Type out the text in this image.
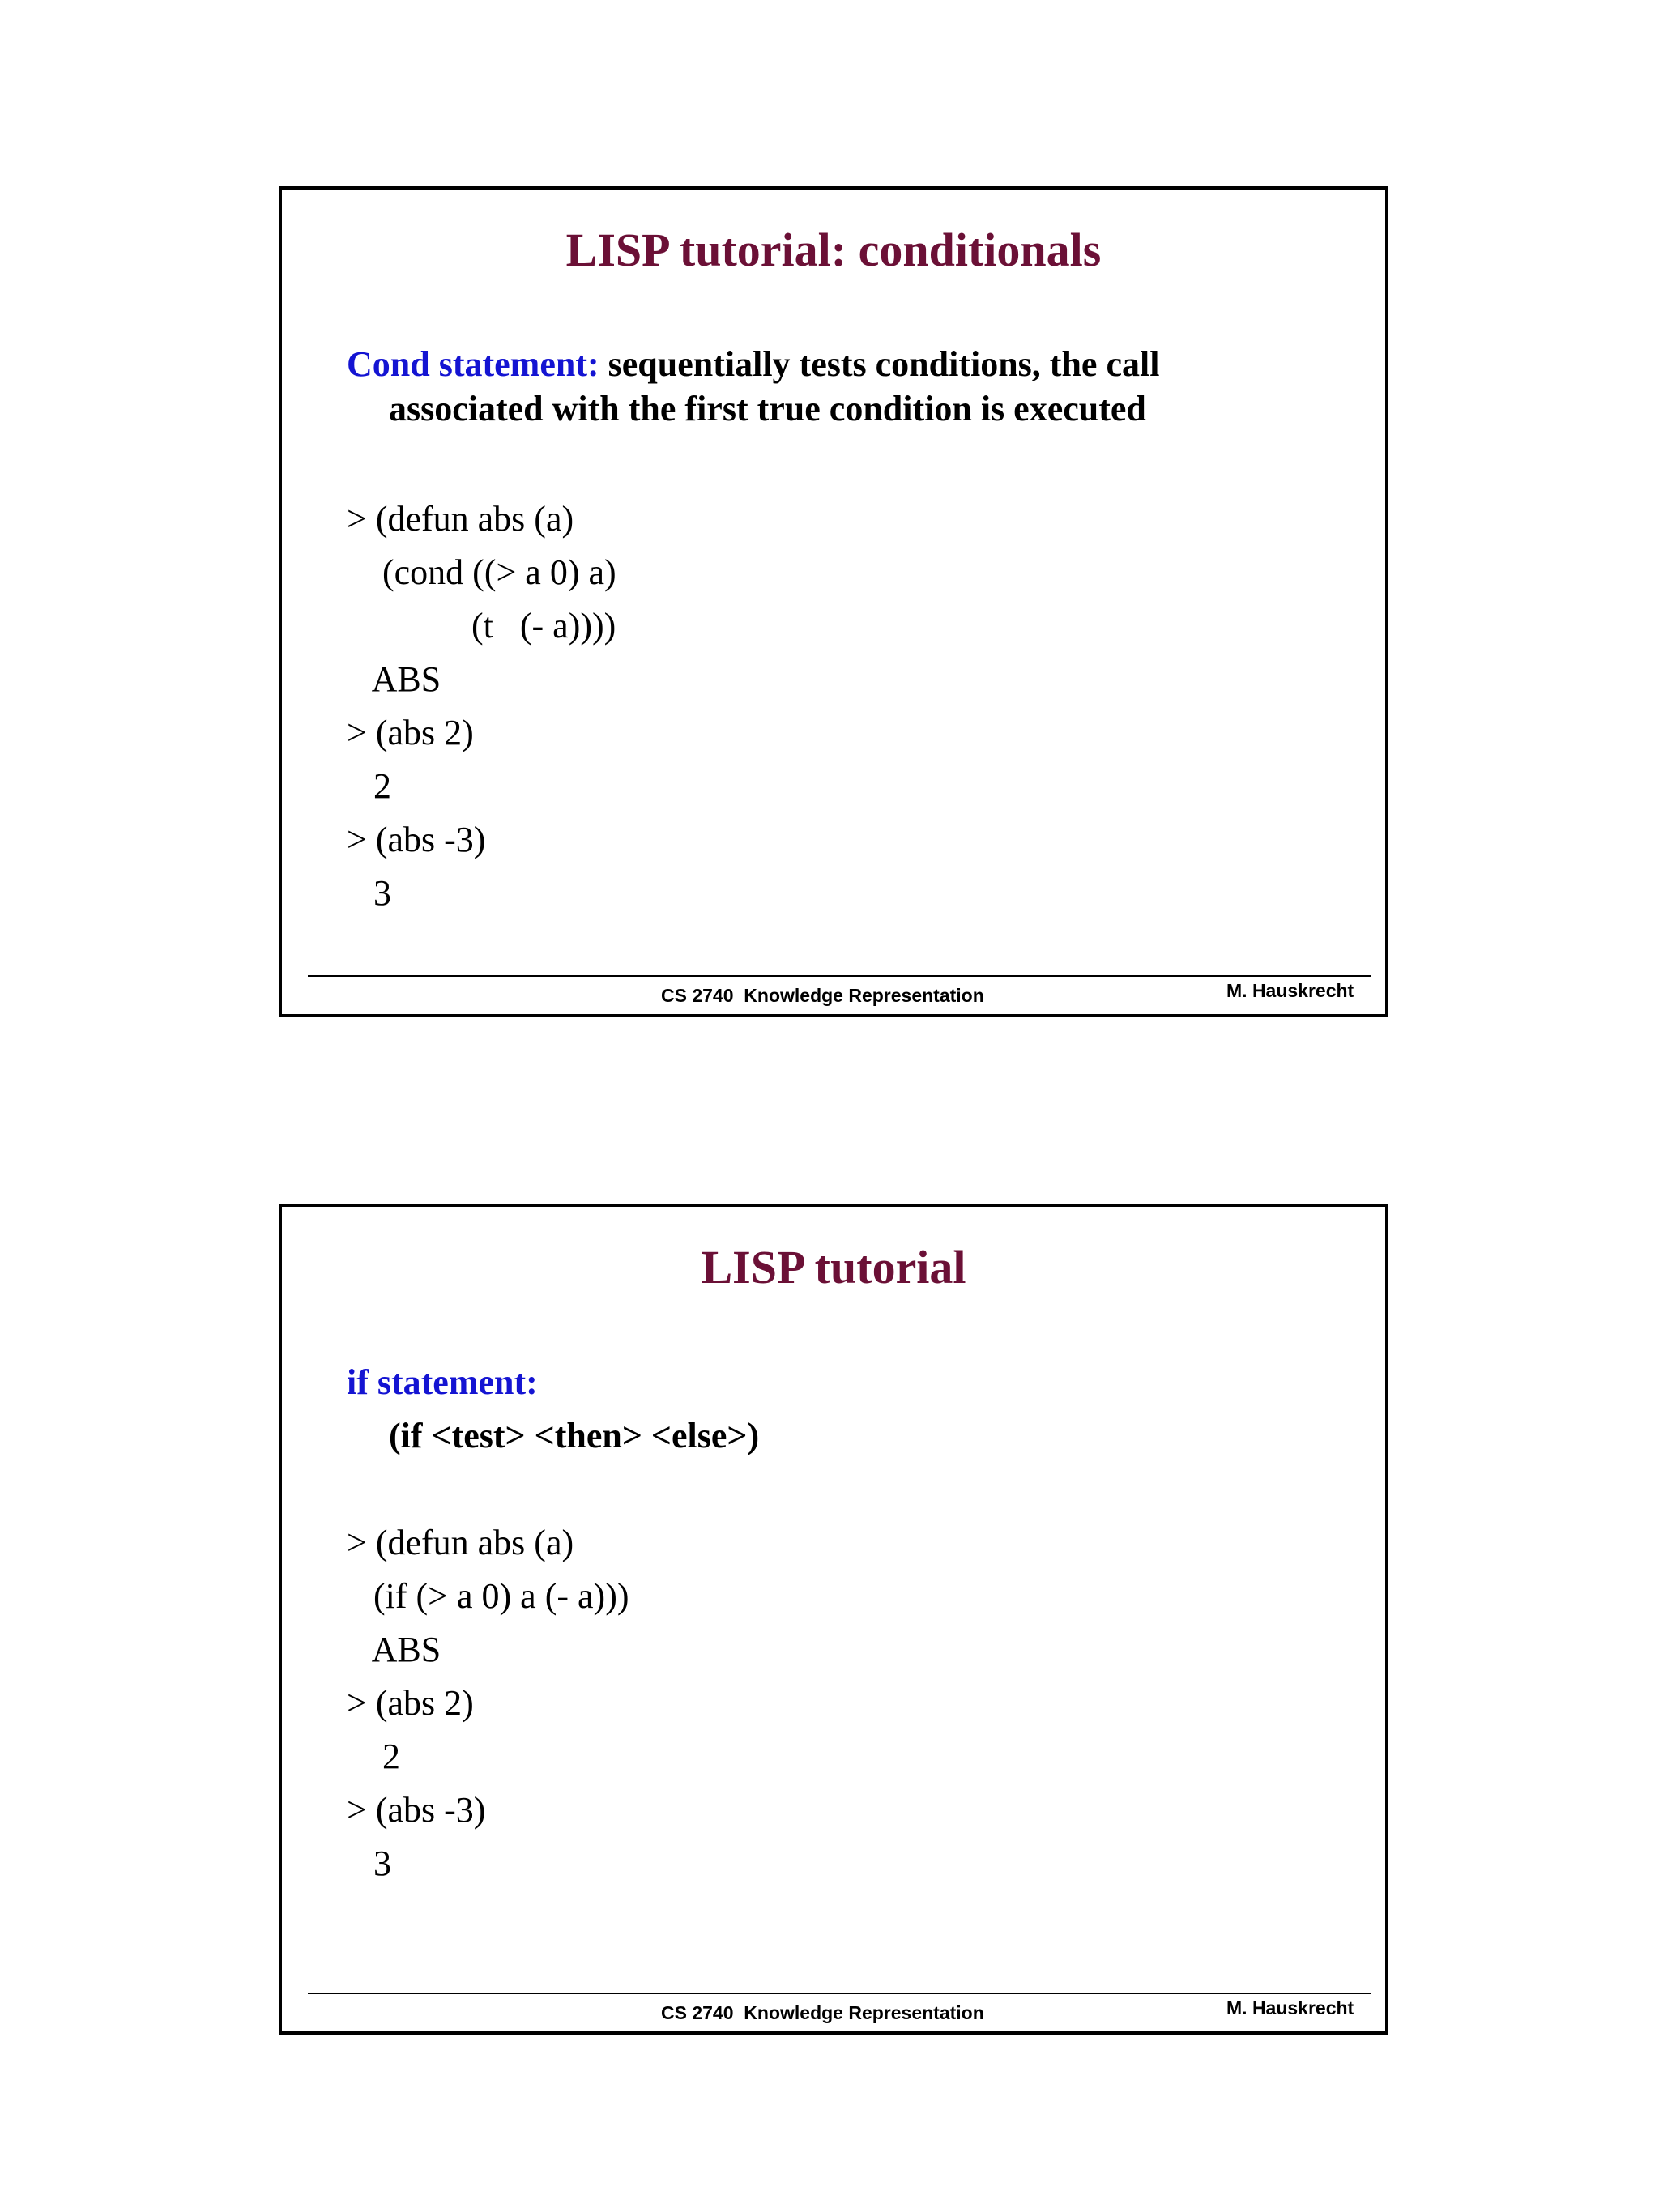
LISP tutorial: conditionals
Cond statement: sequentially tests conditions, the call
associated with the first true condition is executed
> (defun abs (a)
(cond ((> a 0) a)
(t   (- a))))
ABS
> (abs 2)
2
> (abs -3)
3
CS 2740  Knowledge Representation	M. Hauskrecht
LISP tutorial
if statement:
(if <test> <then> <else>)
> (defun abs (a)
(if (> a 0) a (- a)))
ABS
> (abs 2)
2
> (abs -3)
3
CS 2740  Knowledge Representation	M. Hauskrecht
